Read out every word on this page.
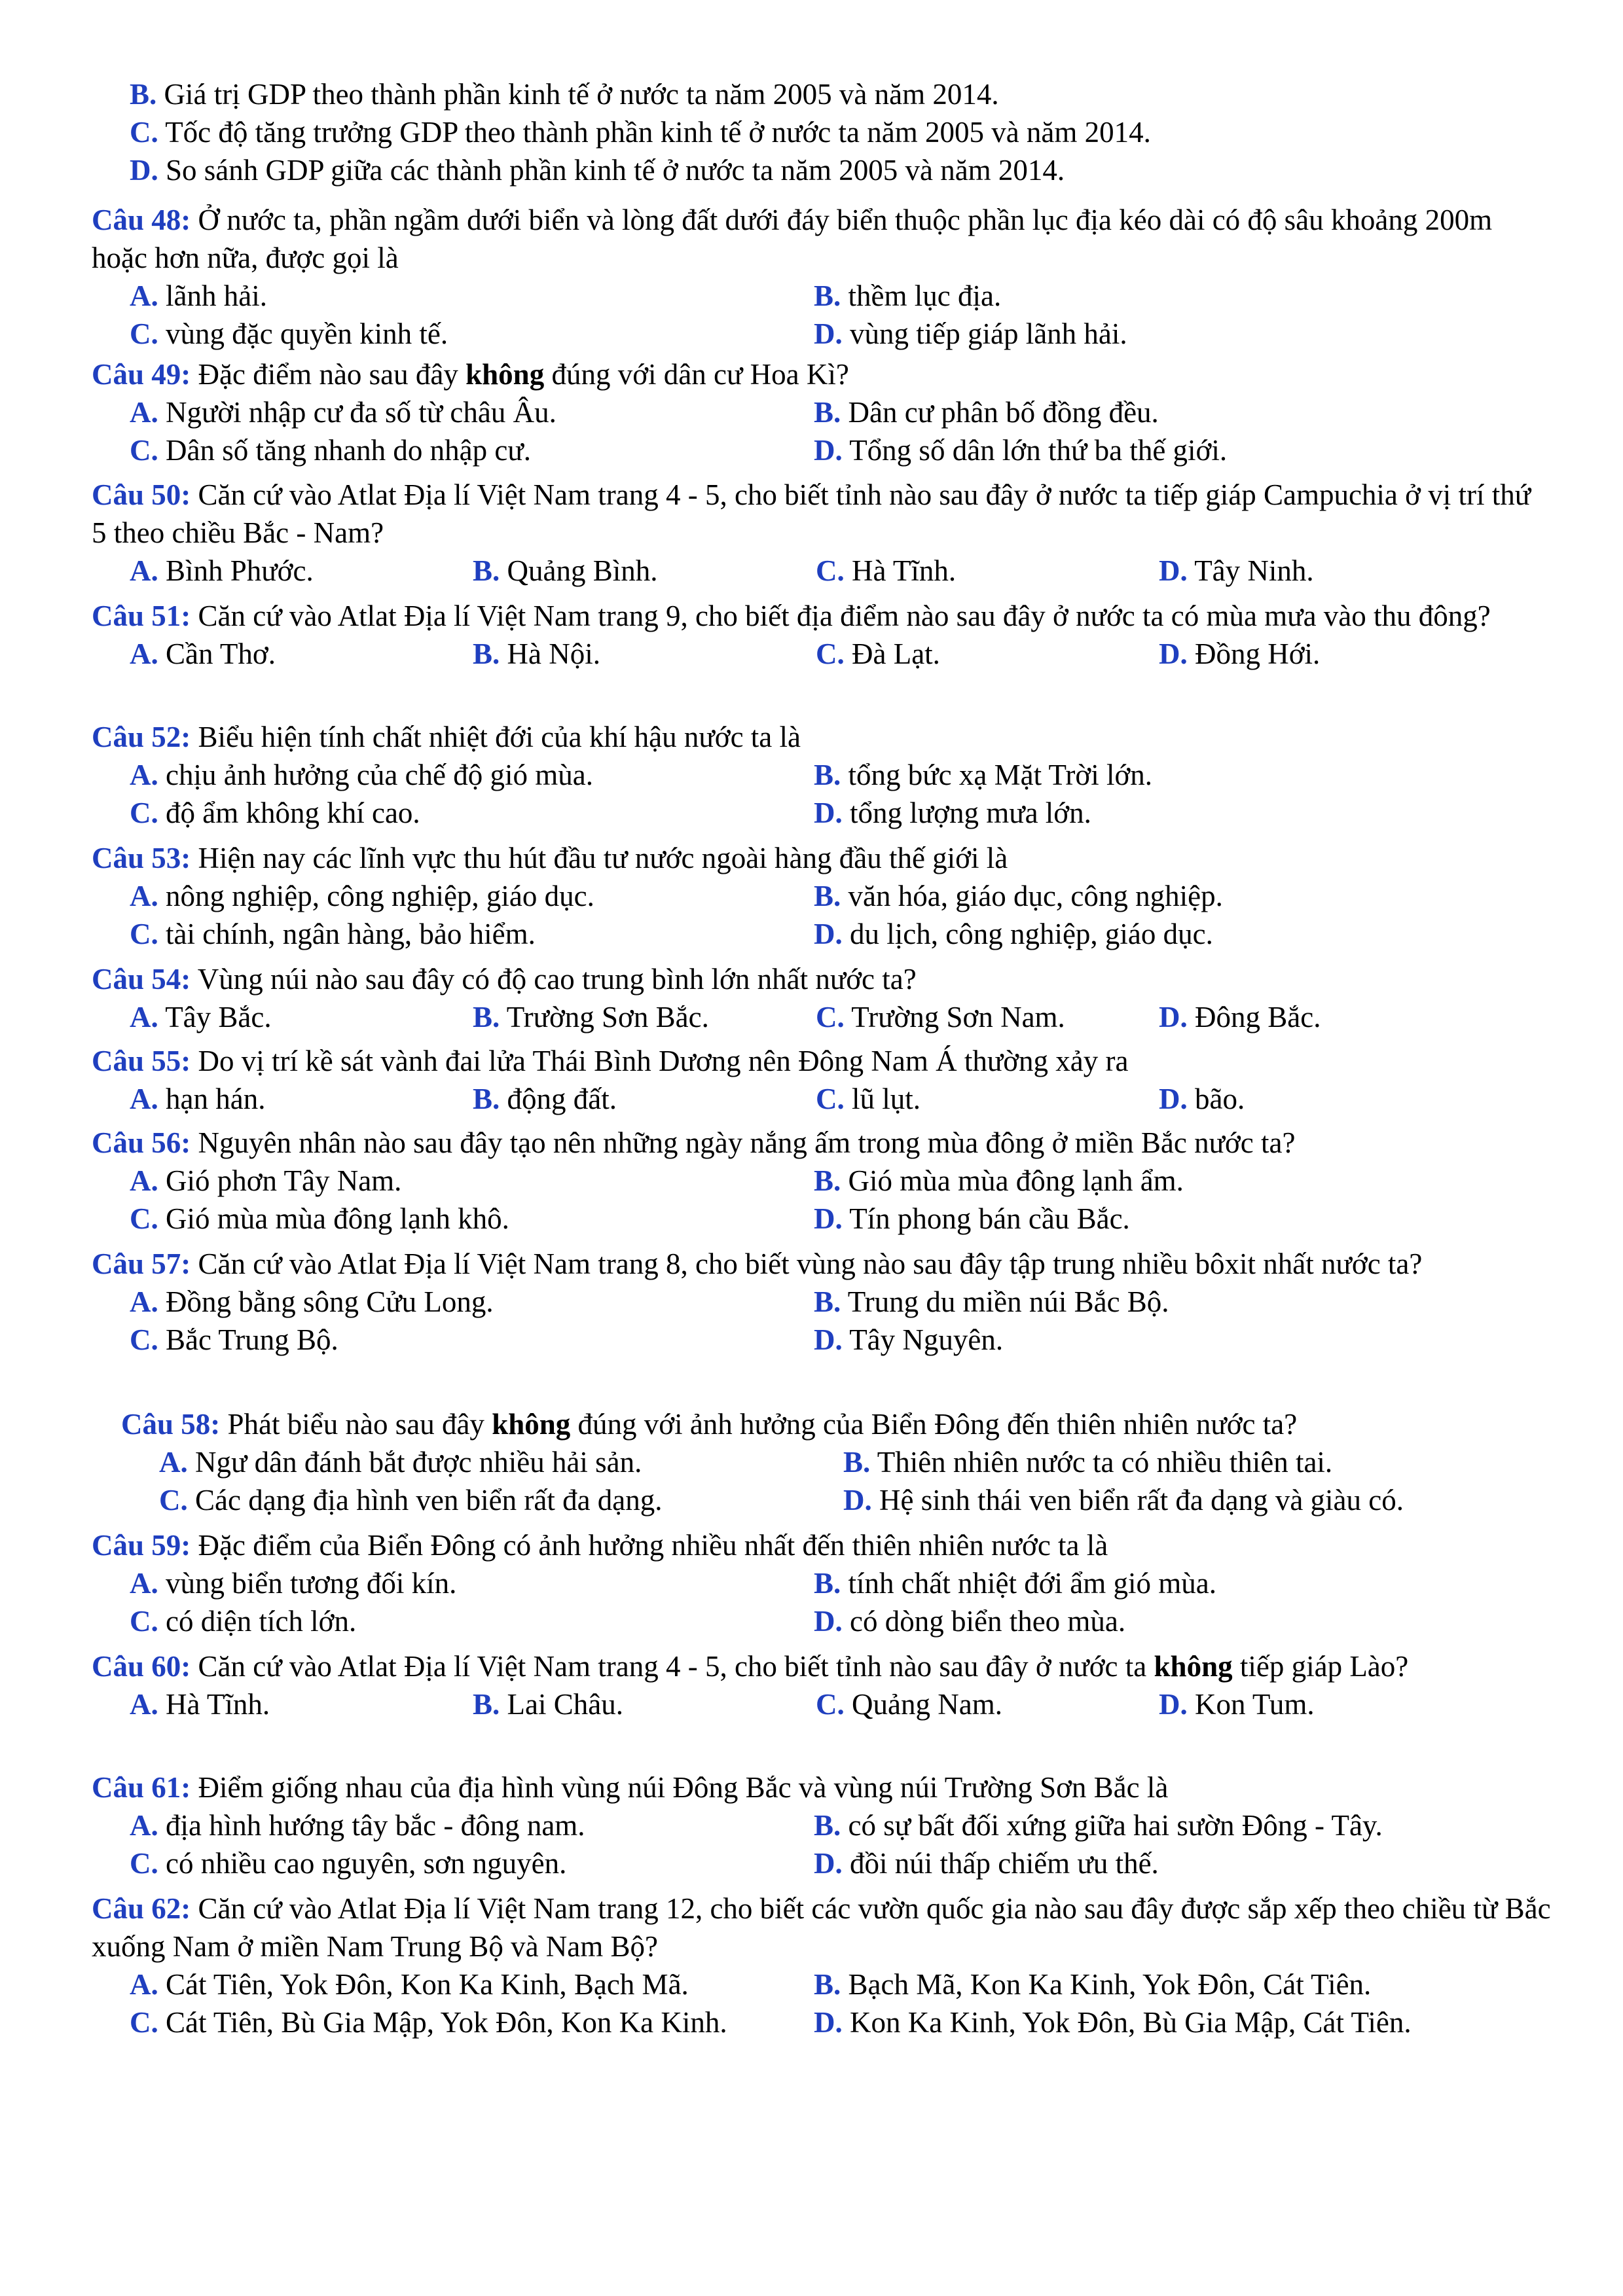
B. Giá trị GDP theo thành phần kinh tế ở nước ta năm 2005 và năm 2014.
C. Tốc độ tăng trưởng GDP theo thành phần kinh tế ở nước ta năm 2005 và năm 2014.
D. So sánh GDP giữa các thành phần kinh tế ở nước ta năm 2005 và năm 2014.

Câu 48: Ở nước ta, phần ngầm dưới biển và lòng đất dưới đáy biển thuộc phần lục địa kéo dài có độ sâu khoảng 200m hoặc hơn nữa, được gọi là

A. lãnh hải.	B. thềm lục địa.
C. vùng đặc quyền kinh tế.	D. vùng tiếp giáp lãnh hải.

Câu 49: Đặc điểm nào sau đây không đúng với dân cư Hoa Kì?

A. Người nhập cư đa số từ châu Âu.	B. Dân cư phân bố đồng đều.
C. Dân số tăng nhanh do nhập cư.	D. Tổng số dân lớn thứ ba thế giới.

Câu 50: Căn cứ vào Atlat Địa lí Việt Nam trang 4 - 5, cho biết tỉnh nào sau đây ở nước ta tiếp giáp Campuchia ở vị trí thứ 5 theo chiều Bắc - Nam?

A. Bình Phước.	B. Quảng Bình.	C. Hà Tĩnh.	D. Tây Ninh.

Câu 51: Căn cứ vào Atlat Địa lí Việt Nam trang 9, cho biết địa điểm nào sau đây ở nước ta có mùa mưa vào thu đông?

A. Cần Thơ.	B. Hà Nội.	C. Đà Lạt.	D. Đồng Hới.

Câu 52: Biểu hiện tính chất nhiệt đới của khí hậu nước ta là

A. chịu ảnh hưởng của chế độ gió mùa.	B. tổng bức xạ Mặt Trời lớn.
C. độ ẩm không khí cao.	D. tổng lượng mưa lớn.

Câu 53: Hiện nay các lĩnh vực thu hút đầu tư nước ngoài hàng đầu thế giới là

A. nông nghiệp, công nghiệp, giáo dục.	B. văn hóa, giáo dục, công nghiệp.
C. tài chính, ngân hàng, bảo hiểm.	D. du lịch, công nghiệp, giáo dục.

Câu 54: Vùng núi nào sau đây có độ cao trung bình lớn nhất nước ta?

A. Tây Bắc.	B. Trường Sơn Bắc.	C. Trường Sơn Nam.	D. Đông Bắc.

Câu 55: Do vị trí kề sát vành đai lửa Thái Bình Dương nên Đông Nam Á thường xảy ra

A. hạn hán.	B. động đất.	C. lũ lụt.	D. bão.

Câu 56: Nguyên nhân nào sau đây tạo nên những ngày nắng ấm trong mùa đông ở miền Bắc nước ta?

A. Gió phơn Tây Nam.	B. Gió mùa mùa đông lạnh ẩm.
C. Gió mùa mùa đông lạnh khô.	D. Tín phong bán cầu Bắc.

Câu 57: Căn cứ vào Atlat Địa lí Việt Nam trang 8, cho biết vùng nào sau đây tập trung nhiều bôxit nhất nước ta?

A. Đồng bằng sông Cửu Long.	B. Trung du miền núi Bắc Bộ.
C. Bắc Trung Bộ.	D. Tây Nguyên.

Câu 58: Phát biểu nào sau đây không đúng với ảnh hưởng của Biển Đông đến thiên nhiên nước ta?

A. Ngư dân đánh bắt được nhiều hải sản.	B. Thiên nhiên nước ta có nhiều thiên tai.
C. Các dạng địa hình ven biển rất đa dạng.	D. Hệ sinh thái ven biển rất đa dạng và giàu có.

Câu 59: Đặc điểm của Biển Đông có ảnh hưởng nhiều nhất đến thiên nhiên nước ta là

A. vùng biển tương đối kín.	B. tính chất nhiệt đới ẩm gió mùa.
C. có diện tích lớn.	D. có dòng biển theo mùa.

Câu 60: Căn cứ vào Atlat Địa lí Việt Nam trang 4 - 5, cho biết tỉnh nào sau đây ở nước ta không tiếp giáp Lào?

A. Hà Tĩnh.	B. Lai Châu.	C. Quảng Nam.	D. Kon Tum.

Câu 61: Điểm giống nhau của địa hình vùng núi Đông Bắc và vùng núi Trường Sơn Bắc là

A. địa hình hướng tây bắc - đông nam.	B. có sự bất đối xứng giữa hai sườn Đông - Tây.
C. có nhiều cao nguyên, sơn nguyên.	D. đồi núi thấp chiếm ưu thế.

Câu 62: Căn cứ vào Atlat Địa lí Việt Nam trang 12, cho biết các vườn quốc gia nào sau đây được sắp xếp theo chiều từ Bắc xuống Nam ở miền Nam Trung Bộ và Nam Bộ?

A. Cát Tiên, Yok Đôn, Kon Ka Kinh, Bạch Mã.	B. Bạch Mã, Kon Ka Kinh, Yok Đôn, Cát Tiên.
C. Cát Tiên, Bù Gia Mập, Yok Đôn, Kon Ka Kinh.	D. Kon Ka Kinh, Yok Đôn, Bù Gia Mập, Cát Tiên.
